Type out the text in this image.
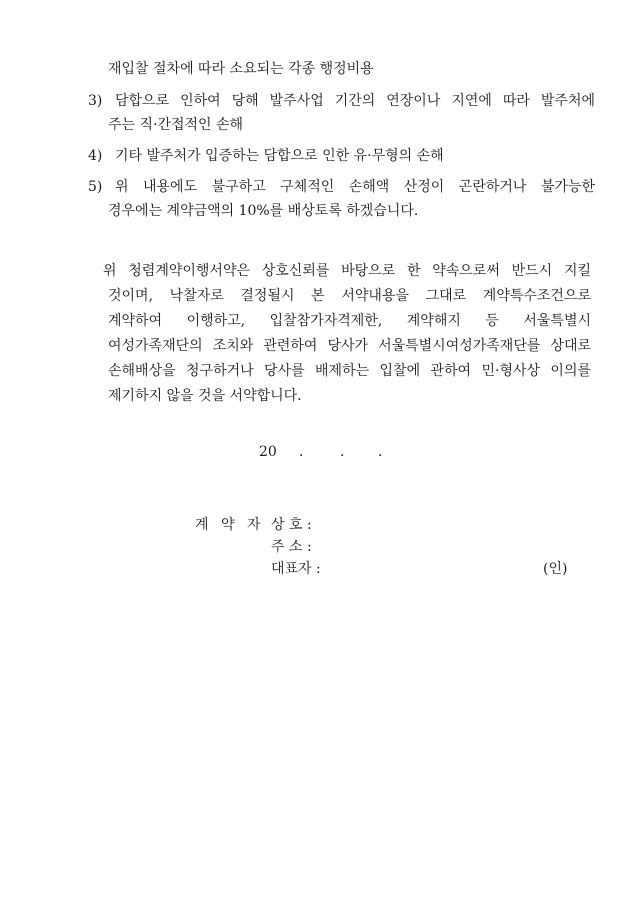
재입찰 절차에 따라 소요되는 각종 행정비용
3) 담합으로 인하여 당해 발주사업 기간의 연장이나 지연에 따라 발주처에
주는 직·간접적인 손해
4) 기타 발주처가 입증하는 담합으로 인한 유·무형의 손해
5) 위 내용에도 불구하고 구체적인 손해액 산정이 곤란하거나 불가능한
경우에는 계약금액의 10%를 배상토록 하겠습니다.
위 청렴계약이행서약은 상호신뢰를 바탕으로 한 약속으로써 반드시 지킬
것이며, 낙찰자로 결정될시 본 서약내용을 그대로 계약특수조건으로
계약하여 이행하고, 입찰참가자격제한, 계약해지 등 서울특별시
여성가족재단의 조치와 관련하여 당사가 서울특별시여성가족재단를 상대로
손해배상을 청구하거나 당사를 배제하는 입찰에 관하여 민·형사상 이의를
제기하지 않을 것을 서약합니다.
20 .	. .
계 약 자 상 호 :
주 소 :
대표자 :	(인)
